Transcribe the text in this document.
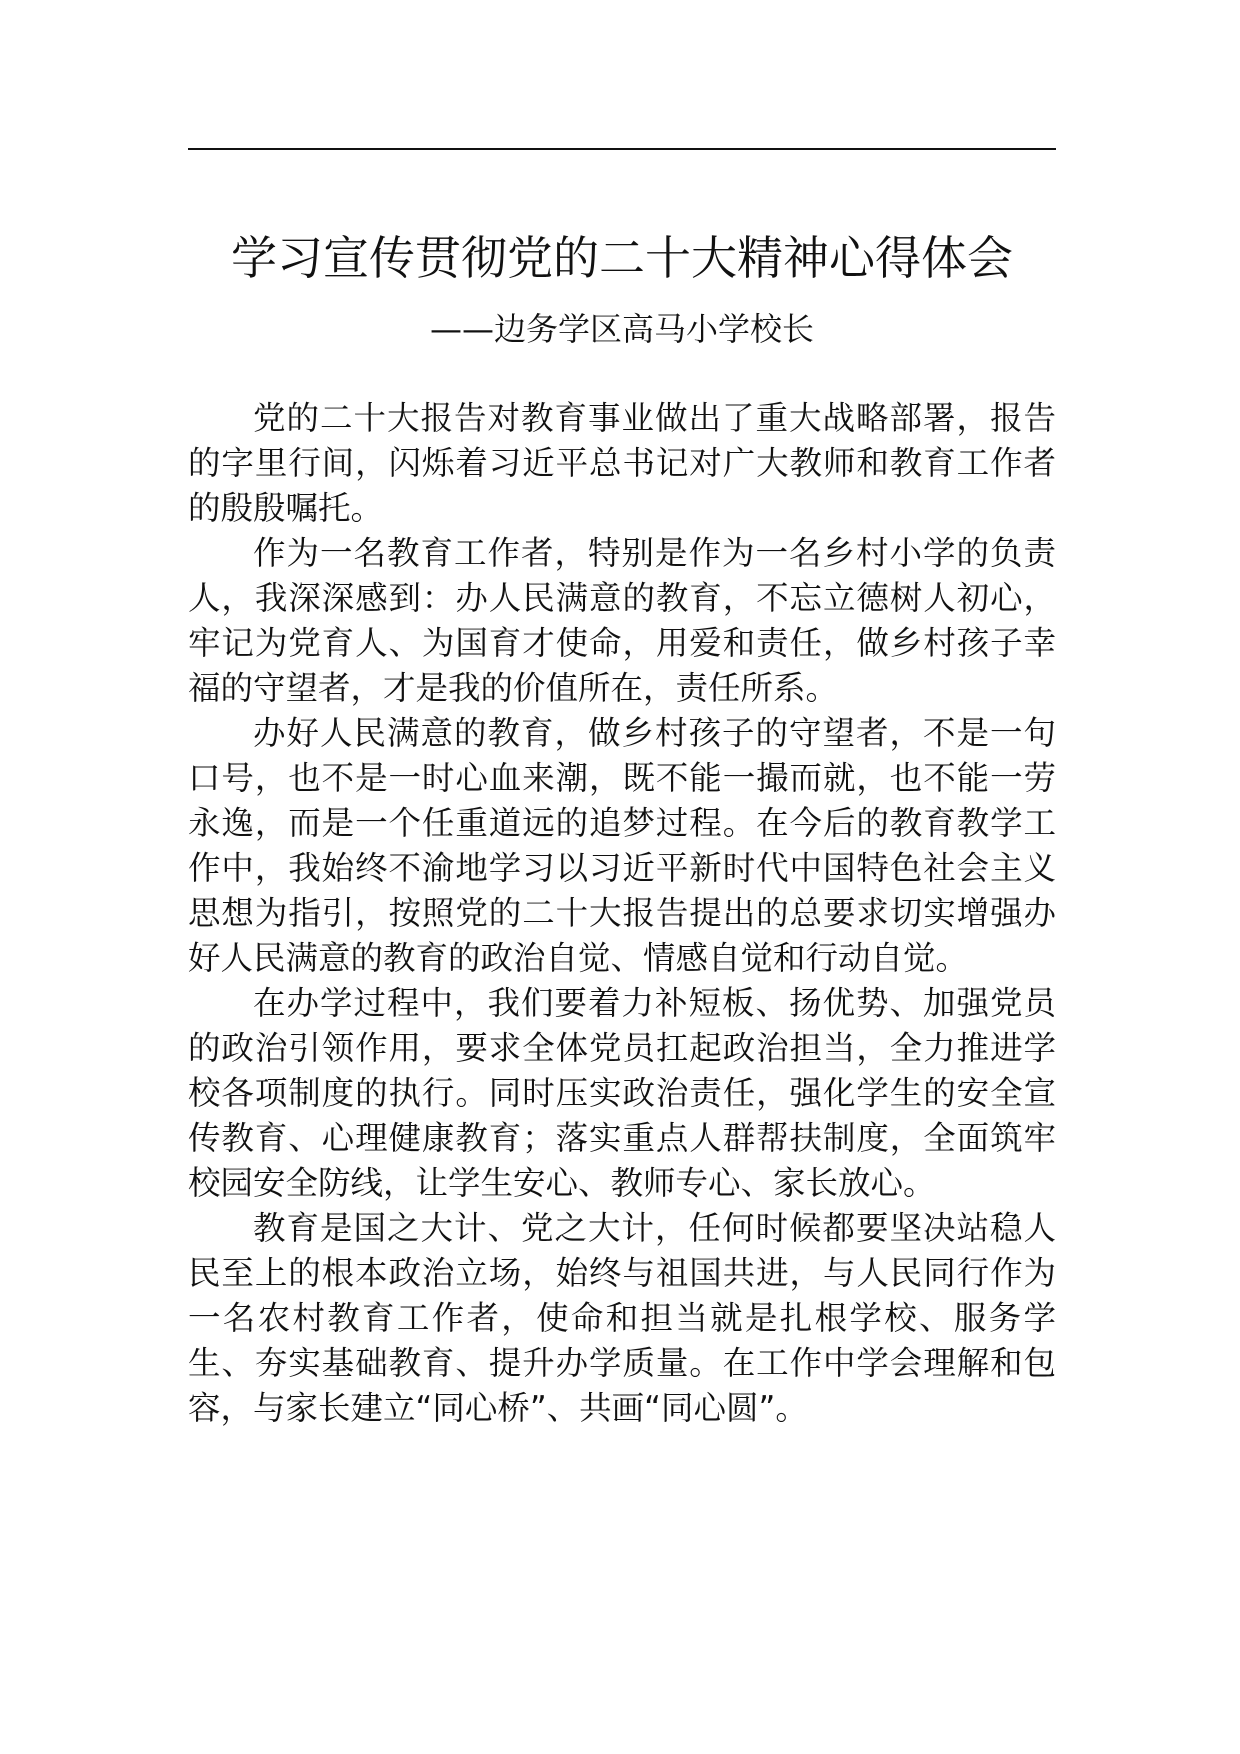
学习宣传贯彻党的二十大精神心得体会
——边务学区高马小学校长

党的二十大报告对教育事业做出了重大战略部署，报告的字里行间，闪烁着习近平总书记对广大教师和教育工作者的殷殷嘱托。

作为一名教育工作者，特别是作为一名乡村小学的负责人，我深深感到：办人民满意的教育，不忘立德树人初心，牢记为党育人、为国育才使命，用爱和责任，做乡村孩子幸福的守望者，才是我的价值所在，责任所系。

办好人民满意的教育，做乡村孩子的守望者，不是一句口号，也不是一时心血来潮，既不能一撮而就，也不能一劳永逸，而是一个任重道远的追梦过程。在今后的教育教学工作中，我始终不渝地学习以习近平新时代中国特色社会主义思想为指引，按照党的二十大报告提出的总要求切实增强办好人民满意的教育的政治自觉、情感自觉和行动自觉。

在办学过程中，我们要着力补短板、扬优势、加强党员的政治引领作用，要求全体党员扛起政治担当，全力推进学校各项制度的执行。同时压实政治责任，强化学生的安全宣传教育、心理健康教育；落实重点人群帮扶制度，全面筑牢校园安全防线，让学生安心、教师专心、家长放心。

教育是国之大计、党之大计，任何时候都要坚决站稳人民至上的根本政治立场，始终与祖国共进，与人民同行作为一名农村教育工作者，使命和担当就是扎根学校、服务学生、夯实基础教育、提升办学质量。在工作中学会理解和包容，与家长建立“同心桥”、共画“同心圆”。
